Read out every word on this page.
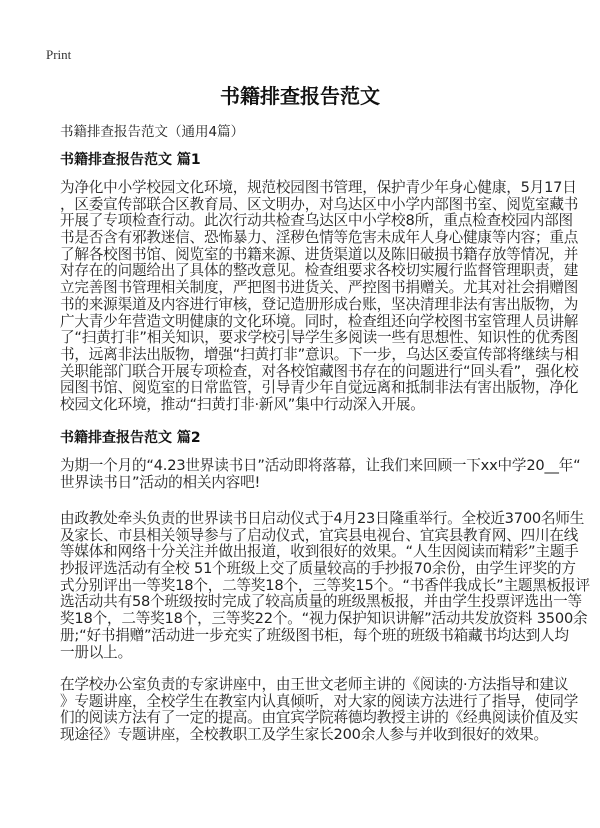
Print
书籍排查报告范文
书籍排查报告范文（通用4篇）
书籍排查报告范文 篇1
为净化中小学校园文化环境，规范校园图书管理，保护青少年身心健康，5月17日
，区委宣传部联合区教育局、区文明办，对乌达区中小学内部图书室、阅览室藏书
开展了专项检查行动。此次行动共检查乌达区中小学校8所，重点检查校园内部图
书是否含有邪教迷信、恐怖暴力、淫秽色情等危害未成年人身心健康等内容；重点
了解各校图书馆、阅览室的书籍来源、进货渠道以及陈旧破损书籍存放等情况，并
对存在的问题给出了具体的整改意见。检查组要求各校切实履行监督管理职责，建
立完善图书管理相关制度，严把图书进货关、严控图书捐赠关。尤其对社会捐赠图
书的来源渠道及内容进行审核，登记造册形成台账，坚决清理非法有害出版物，为
广大青少年营造文明健康的文化环境。同时，检查组还向学校图书室管理人员讲解
了“扫黄打非”相关知识，要求学校引导学生多阅读一些有思想性、知识性的优秀图
书，远离非法出版物，增强“扫黄打非”意识。下一步，乌达区委宣传部将继续与相
关职能部门联合开展专项检查，对各校馆藏图书存在的问题进行“回头看”，强化校
园图书馆、阅览室的日常监管，引导青少年自觉远离和抵制非法有害出版物，净化
校园文化环境，推动“扫黄打非·新风”集中行动深入开展。
书籍排查报告范文 篇2
为期一个月的“4.23世界读书日”活动即将落幕，让我们来回顾一下xx中学20__年“
世界读书日”活动的相关内容吧!
由政教处牵头负责的世界读书日启动仪式于4月23日隆重举行。全校近3700名师生
及家长、市县相关领导参与了启动仪式，宜宾县电视台、宜宾县教育网、四川在线
等媒体和网络十分关注并做出报道，收到很好的效果。“人生因阅读而精彩”主题手
抄报评选活动有全校 51个班级上交了质量较高的手抄报70余份，由学生评奖的方
式分别评出一等奖18个，二等奖18个，三等奖15个。“书香伴我成长”主题黑板报评
选活动共有58个班级按时完成了较高质量的班级黑板报，并由学生投票评选出一等
奖18个，二等奖18个，三等奖22个。“视力保护知识讲解”活动共发放资料 3500余
册;“好书捐赠”活动进一步充实了班级图书柜，每个班的班级书箱藏书均达到人均
一册以上。
在学校办公室负责的专家讲座中，由王世文老师主讲的《阅读的·方法指导和建议
》专题讲座，全校学生在教室内认真倾听，对大家的阅读方法进行了指导，使同学
们的阅读方法有了一定的提高。由宜宾学院蒋德均教授主讲的《经典阅读价值及实
现途径》专题讲座，全校教职工及学生家长200余人参与并收到很好的效果。
